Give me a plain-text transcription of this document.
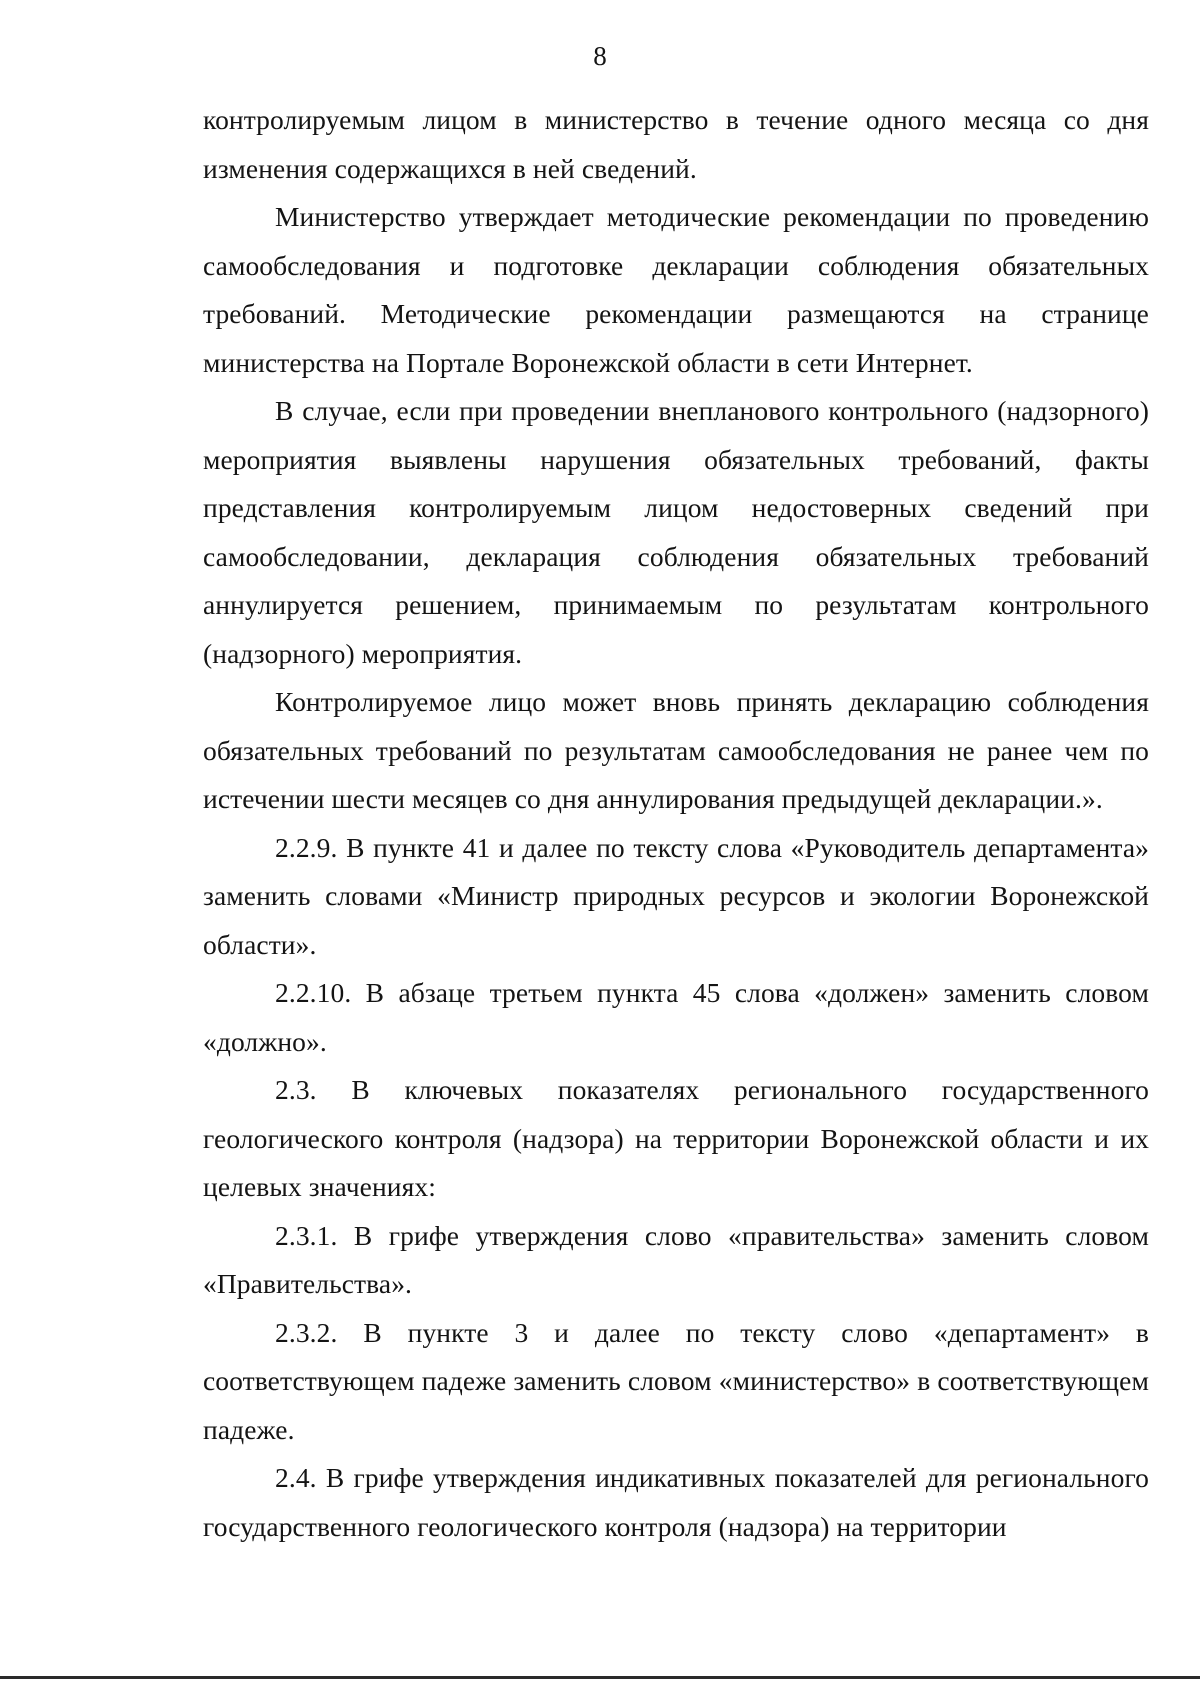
8

контролируемым лицом в министерство в течение одного месяца со дня изменения содержащихся в ней сведений.

Министерство утверждает методические рекомендации по проведению самообследования и подготовке декларации соблюдения обязательных требований. Методические рекомендации размещаются на странице министерства на Портале Воронежской области в сети Интернет.

В случае, если при проведении внепланового контрольного (надзорного) мероприятия выявлены нарушения обязательных требований, факты представления контролируемым лицом недостоверных сведений при самообследовании, декларация соблюдения обязательных требований аннулируется решением, принимаемым по результатам контрольного (надзорного) мероприятия.

Контролируемое лицо может вновь принять декларацию соблюдения обязательных требований по результатам самообследования не ранее чем по истечении шести месяцев со дня аннулирования предыдущей декларации.».

2.2.9. В пункте 41 и далее по тексту слова «Руководитель департамента» заменить словами «Министр природных ресурсов и экологии Воронежской области».

2.2.10. В абзаце третьем пункта 45 слова «должен» заменить словом «должно».

2.3. В ключевых показателях регионального государственного геологического контроля (надзора) на территории Воронежской области и их целевых значениях:

2.3.1. В грифе утверждения слово «правительства» заменить словом «Правительства».

2.3.2. В пункте 3 и далее по тексту слово «департамент» в соответствующем падеже заменить словом «министерство» в соответствующем падеже.

2.4. В грифе утверждения индикативных показателей для регионального государственного геологического контроля (надзора) на территории
